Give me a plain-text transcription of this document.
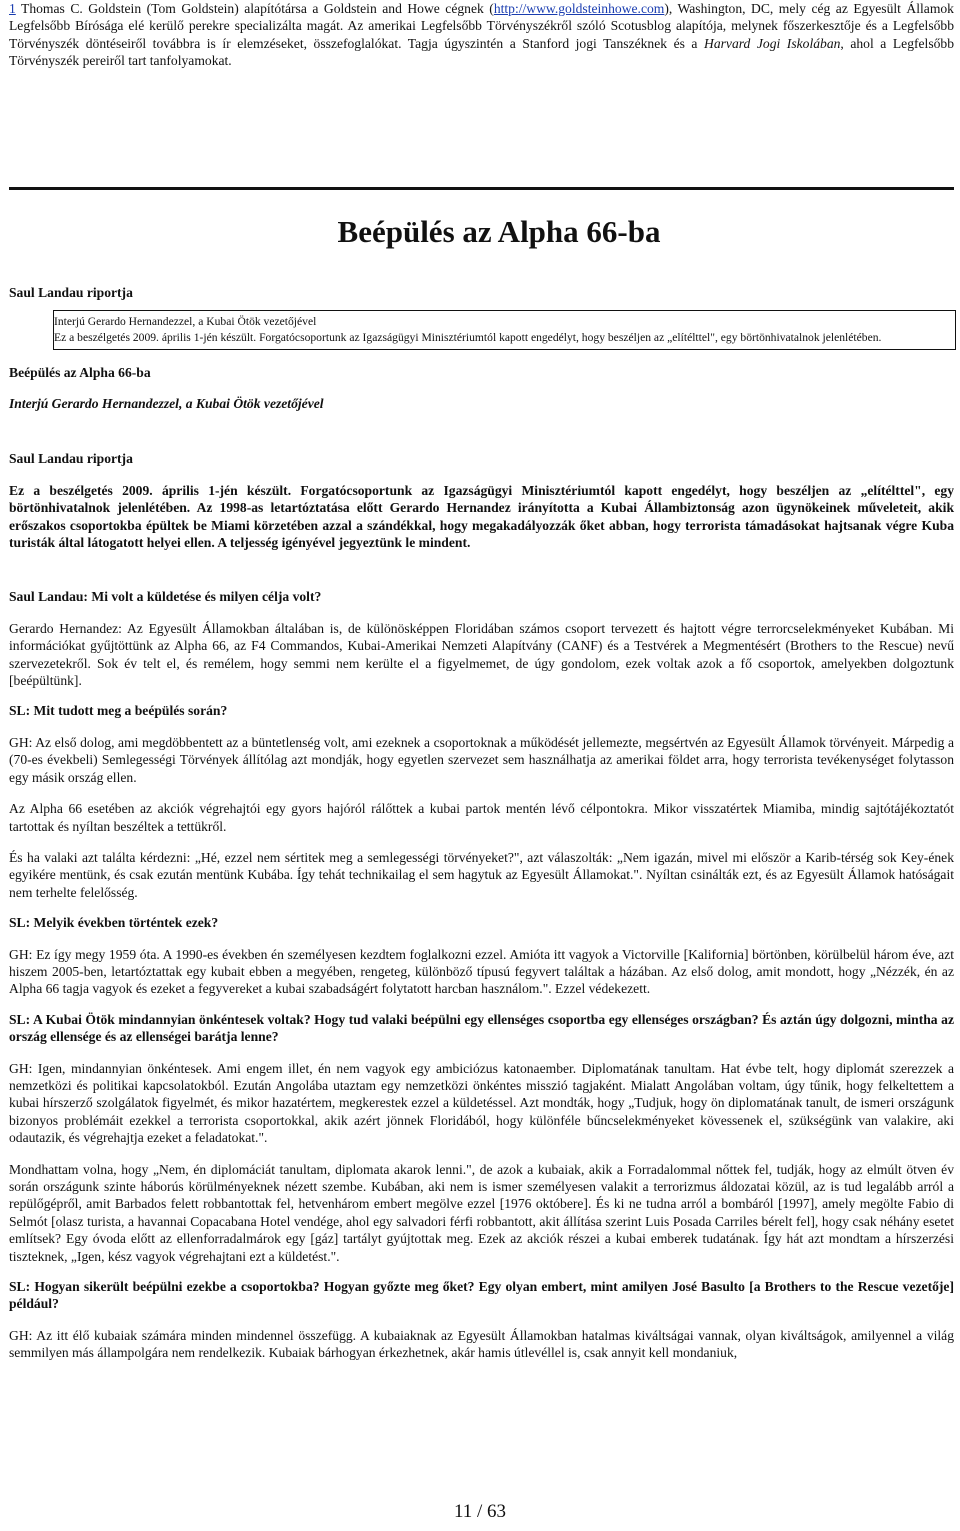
1 Thomas C. Goldstein (Tom Goldstein) alapítótársa a Goldstein and Howe cégnek (http://www.goldsteinhowe.com), Washington, DC, mely cég az Egyesült Államok Legfelsőbb Bírósága elé kerülő perekre specializálta magát. Az amerikai Legfelsőbb Törvényszékről szóló Scotusblog alapítója, melynek főszerkesztője és a Legfelsőbb Törvényszék döntéseiről továbbra is ír elemzéseket, összefoglalókat. Tagja úgyszintén a Stanford jogi Tanszéknek és a Harvard Jogi Iskolában, ahol a Legfelsőbb Törvényszék pereiről tart tanfolyamokat.

Beépülés az Alpha 66-ba

Saul Landau riportja

Interjú Gerardo Hernandezzel, a Kubai Ötök vezetőjével

Ez a beszélgetés 2009. április 1-jén készült. Forgatócsoportunk az Igazságügyi Minisztériumtól kapott engedélyt, hogy beszéljen az „elítélttel", egy börtönhivatalnok jelenlétében.

Beépülés az Alpha 66-ba

Interjú Gerardo Hernandezzel, a Kubai Ötök vezetőjével

Saul Landau riportja

Ez a beszélgetés 2009. április 1-jén készült. Forgatócsoportunk az Igazságügyi Minisztériumtól kapott engedélyt, hogy beszéljen az „elítélttel", egy börtönhivatalnok jelenlétében. Az 1998-as letartóztatása előtt Gerardo Hernandez irányította a Kubai Állambiztonság azon ügynökeinek műveleteit, akik erőszakos csoportokba épültek be Miami körzetében azzal a szándékkal, hogy megakadályozzák őket abban, hogy terrorista támadásokat hajtsanak végre Kuba turisták által látogatott helyei ellen. A teljesség igényével jegyeztünk le mindent.

Saul Landau: Mi volt a küldetése és milyen célja volt?

Gerardo Hernandez: Az Egyesült Államokban általában is, de különösképpen Floridában számos csoport tervezett és hajtott végre terrorcselekményeket Kubában. Mi információkat gyűjtöttünk az Alpha 66, az F4 Commandos, Kubai-Amerikai Nemzeti Alapítvány (CANF) és a Testvérek a Megmentésért (Brothers to the Rescue) nevű szervezetekről. Sok év telt el, és remélem, hogy semmi nem kerülte el a figyelmemet, de úgy gondolom, ezek voltak azok a fő csoportok, amelyekben dolgoztunk [beépültünk].

SL: Mit tudott meg a beépülés során?

GH: Az első dolog, ami megdöbbentett az a büntetlenség volt, ami ezeknek a csoportoknak a működését jellemezte, megsértvén az Egyesült Államok törvényeit. Márpedig a (70-es évekbeli) Semlegességi Törvények állítólag azt mondják, hogy egyetlen szervezet sem használhatja az amerikai földet arra, hogy terrorista tevékenységet folytasson egy másik ország ellen.

Az Alpha 66 esetében az akciók végrehajtói egy gyors hajóról rálőttek a kubai partok mentén lévő célpontokra. Mikor visszatértek Miamiba, mindig sajtótájékoztatót tartottak és nyíltan beszéltek a tettükről.

És ha valaki azt találta kérdezni: „Hé, ezzel nem sértitek meg a semlegességi törvényeket?", azt válaszolták: „Nem igazán, mivel mi először a Karib-térség sok Key-ének egyikére mentünk, és csak ezután mentünk Kubába. Így tehát technikailag el sem hagytuk az Egyesült Államokat.". Nyíltan csinálták ezt, és az Egyesült Államok hatóságait nem terhelte felelősség.

SL: Melyik években történtek ezek?

GH: Ez így megy 1959 óta. A 1990-es években én személyesen kezdtem foglalkozni ezzel. Amióta itt vagyok a Victorville [Kalifornia] börtönben, körülbelül három éve, azt hiszem 2005-ben, letartóztattak egy kubait ebben a megyében, rengeteg, különböző típusú fegyvert találtak a házában. Az első dolog, amit mondott, hogy „Nézzék, én az Alpha 66 tagja vagyok és ezeket a fegyvereket a kubai szabadságért folytatott harcban használom.". Ezzel védekezett.

SL: A Kubai Ötök mindannyian önkéntesek voltak? Hogy tud valaki beépülni egy ellenséges csoportba egy ellenséges országban? És aztán úgy dolgozni, mintha az ország ellensége és az ellenségei barátja lenne?

GH: Igen, mindannyian önkéntesek. Ami engem illet, én nem vagyok egy ambiciózus katonaember. Diplomatának tanultam. Hat évbe telt, hogy diplomát szerezzek a nemzetközi és politikai kapcsolatokból. Ezután Angolába utaztam egy nemzetközi önkéntes misszió tagjaként. Mialatt Angolában voltam, úgy tűnik, hogy felkeltettem a kubai hírszerző szolgálatok figyelmét, és mikor hazatértem, megkerestek ezzel a küldetéssel. Azt mondták, hogy „Tudjuk, hogy ön diplomatának tanult, de ismeri országunk bizonyos problémáit ezekkel a terrorista csoportokkal, akik azért jönnek Floridából, hogy különféle bűncselekményeket kövessenek el, szükségünk van valakire, aki odautazik, és végrehajtja ezeket a feladatokat.".

Mondhattam volna, hogy „Nem, én diplomáciát tanultam, diplomata akarok lenni.", de azok a kubaiak, akik a Forradalommal nőttek fel, tudják, hogy az elmúlt ötven év során országunk szinte háborús körülményeknek nézett szembe. Kubában, aki nem is ismer személyesen valakit a terrorizmus áldozatai közül, az is tud legalább arról a repülőgépről, amit Barbados felett robbantottak fel, hetvenhárom embert megölve ezzel [1976 októbere]. És ki ne tudna arról a bombáról [1997], amely megölte Fabio di Selmót [olasz turista, a havannai Copacabana Hotel vendége, ahol egy salvadori férfi robbantott, akit állítása szerint Luis Posada Carriles bérelt fel], hogy csak néhány esetet említsek? Egy óvoda előtt az ellenforradalmárok egy [gáz] tartályt gyújtottak meg. Ezek az akciók részei a kubai emberek tudatának. Így hát azt mondtam a hírszerzési tiszteknek, „Igen, kész vagyok végrehajtani ezt a küldetést.".

SL: Hogyan sikerült beépülni ezekbe a csoportokba? Hogyan győzte meg őket? Egy olyan embert, mint amilyen José Basulto [a Brothers to the Rescue vezetője] például?

GH: Az itt élő kubaiak számára minden mindennel összefügg. A kubaiaknak az Egyesült Államokban hatalmas kiváltságai vannak, olyan kiváltságok, amilyennel a világ semmilyen más állampolgára nem rendelkezik. Kubaiak bárhogyan érkezhetnek, akár hamis útlevéllel is, csak annyit kell mondaniuk,

11 / 63
